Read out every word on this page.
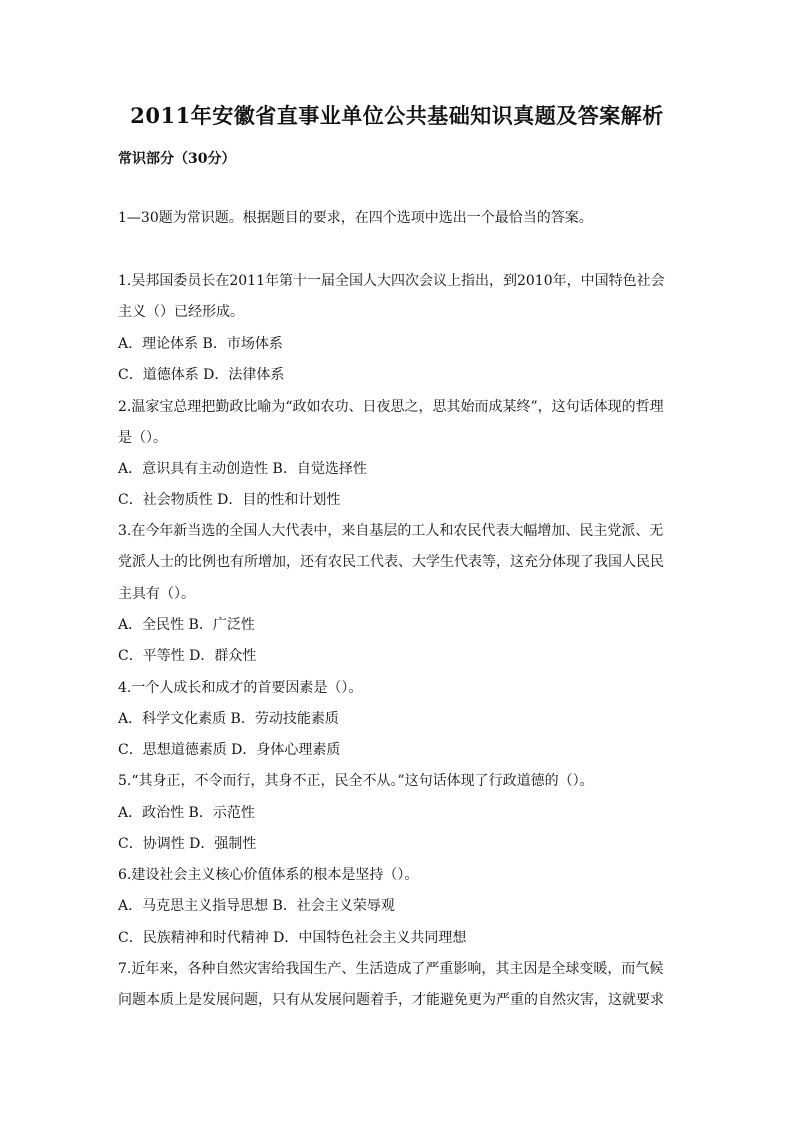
2011年安徽省直事业单位公共基础知识真题及答案解析
常识部分（30分）
1—30题为常识题。根据题目的要求，在四个选项中选出一个最恰当的答案。
1.吴邦国委员长在2011年第十一届全国人大四次会议上指出，到2010年，中国特色社会
主义（）已经形成。
A．理论体系 B．市场体系
C．道德体系 D．法律体系
2.温家宝总理把勤政比喻为“政如农功、日夜思之，思其始而成某终”，这句话体现的哲理
是（）。
A．意识具有主动创造性 B．自觉选择性
C．社会物质性 D．目的性和计划性
3.在今年新当选的全国人大代表中，来自基层的工人和农民代表大幅增加、民主党派、无
党派人士的比例也有所增加，还有农民工代表、大学生代表等，这充分体现了我国人民民
主具有（）。
A．全民性 B．广泛性
C．平等性 D．群众性
4.一个人成长和成才的首要因素是（）。
A．科学文化素质 B．劳动技能素质
C．思想道德素质 D．身体心理素质
5.“其身正，不令而行，其身不正，民全不从。”这句话体现了行政道德的（）。
A．政治性 B．示范性
C．协调性 D．强制性
6.建设社会主义核心价值体系的根本是坚持（）。
A．马克思主义指导思想 B．社会主义荣辱观
C．民族精神和时代精神 D．中国特色社会主义共同理想
7.近年来，各种自然灾害给我国生产、生活造成了严重影响，其主因是全球变暖，而气候
问题本质上是发展问题，只有从发展问题着手，才能避免更为严重的自然灾害，这就要求
